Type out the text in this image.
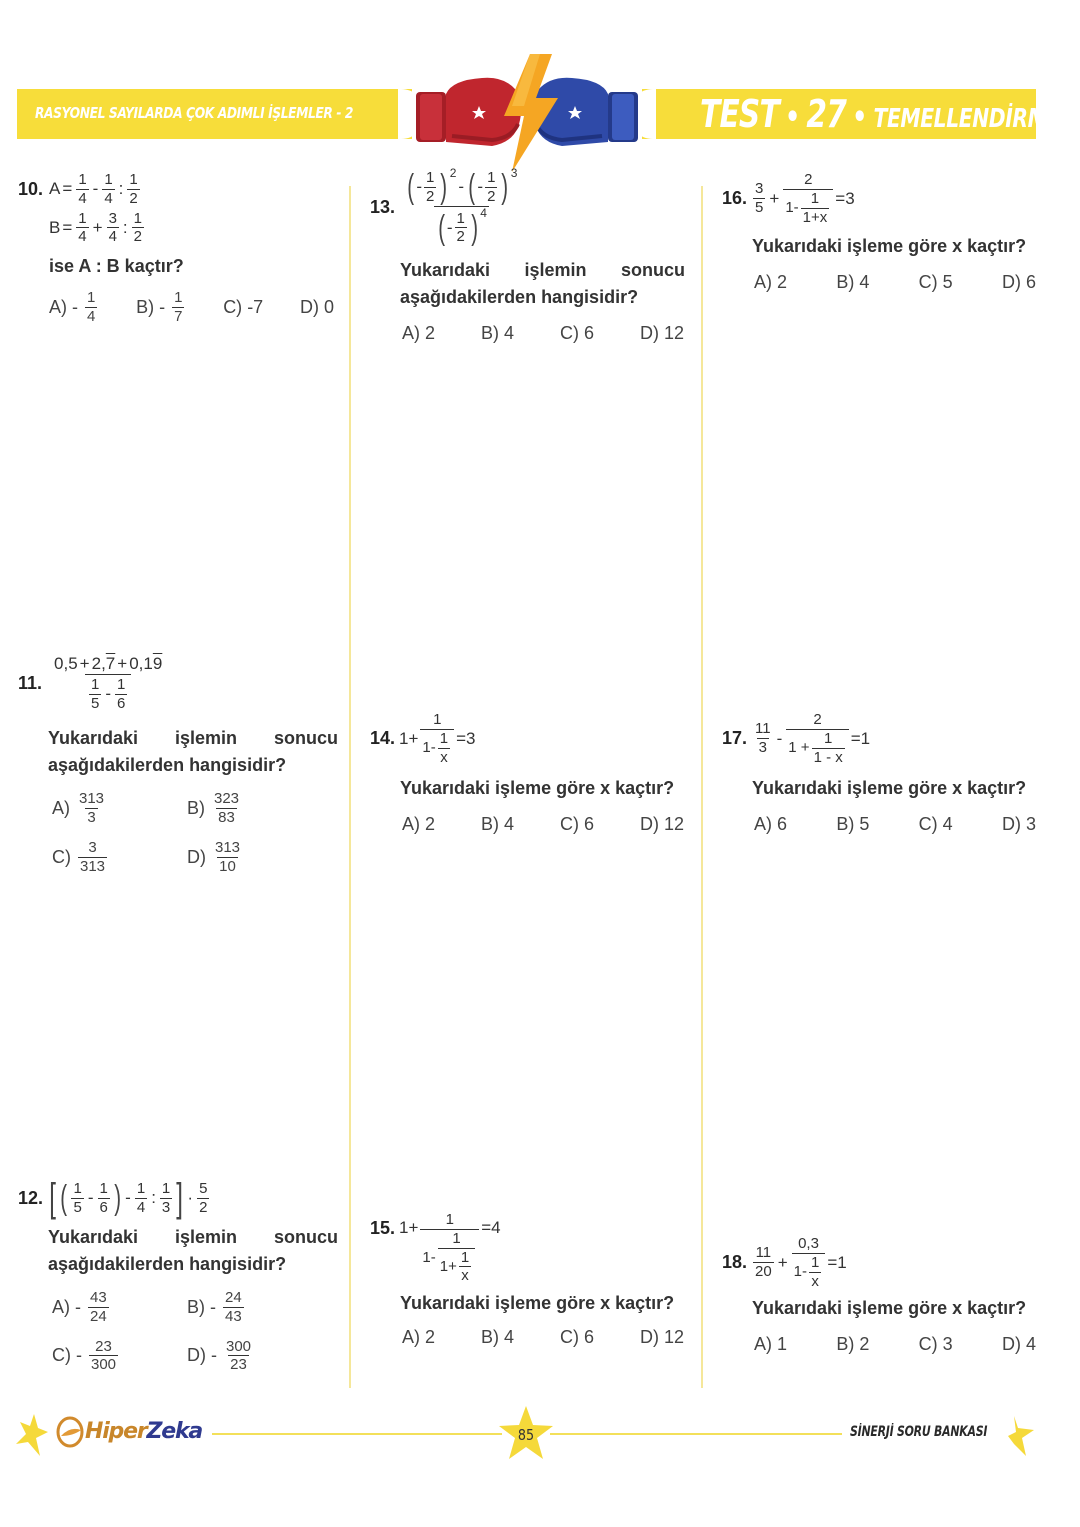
RASYONEL SAYILARDA ÇOK ADIMLI İŞLEMLER - 2	TEST • 27 • TEMELLENDİRME
10. $A = \frac{1}{4} - \frac{1}{4}$ : $\frac{1}{2}$
$B = \frac{1}{4} + \frac{3}{4}$ : $\frac{1}{2}$
ise A : B kaçtır?
$A) - \frac{1}{4} B) - \frac{1}{7} C$) -7 D) 0
11. $\frac{0,5 + 2,7 + 0,19}{\frac{1}{5} - \frac{1}{6}}$
Yukarıdaki işlemin sonucu aşağıdakilerden hangisidir?
$A) \frac{313}{3}$	$B) \frac{323}{83}$
$C) \frac{3}{313}$	$D) \frac{313}{10}$
12. [ ( $\frac{1}{5} - \frac{1}{6}$ ) - $\frac{1}{4}$ : $\frac{1}{3}$ ] · $\frac{5}{2}$
Yukarıdaki işlemin sonucu aşağıdakilerden hangisidir?
$A) - \frac{43}{24}$	$B) - \frac{24}{43}$
$C) - \frac{23}{300}$	$D) - \frac{300}{23}$
13. ( - $\frac{1}{2} )^2$
- ( - $\frac{1}{2} )^3$
( - $\frac{1}{2} )^4$
Yukarıdaki işlemin sonucu aşağıdakilerden hangisidir?
A) 2	B) 4	C) 6	D) 12
14. $1+ \frac{1}{1- \frac{1}{x}} =3$
Yukarıdaki işleme göre x kaçtır?
A) 2	B) 4	C) 6	D) 12
15. $1+ \frac{1}{1- \frac{1}{1+ \frac{1}{x}}} =4$
Yukarıdaki işleme göre x kaçtır?
A) 2	B) 4	C) 6	D) 12
16. $\frac{3}{5} + \frac{2}{1- \frac{1}{1+x}} =3$
Yukarıdaki işleme göre x kaçtır?
A) 2	B) 4	C) 5	D) 6
17. $\frac{11}{3} - \frac{2}{1 + \frac{1}{1 - x}} =1$
Yukarıdaki işleme göre x kaçtır?
A) 6	B) 5	C) 4	D) 3
18. $\frac{11}{20} + \frac{0,3}{1- \frac{1}{x}} =1$
Yukarıdaki işleme göre x kaçtır?
A) 1	B) 2	C) 3	D) 4
HiperZeka	85	SİNERJİ SORU BANKASI
